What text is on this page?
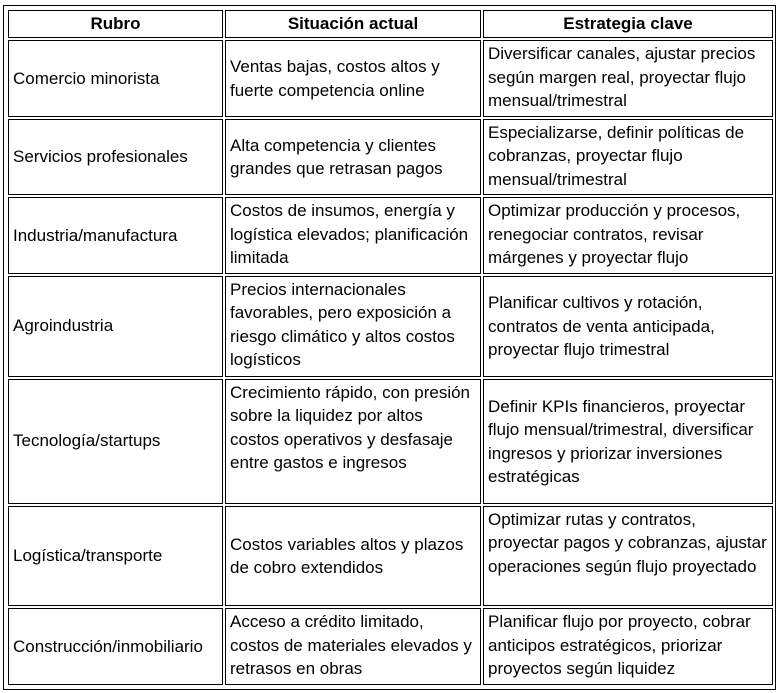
Rubro	Situación actual	Estrategia clave
Comercio minorista	Ventas bajas, costos altos y fuerte competencia online	Diversificar canales, ajustar precios según margen real, proyectar flujo mensual/trimestral
Servicios profesionales	Alta competencia y clientes grandes que retrasan pagos	Especializarse, definir políticas de cobranzas, proyectar flujo mensual/trimestral
Industria/manufactura	Costos de insumos, energía y logística elevados; planificación limitada	Optimizar producción y procesos, renegociar contratos, revisar márgenes y proyectar flujo
Agroindustria	Precios internacionales favorables, pero exposición a riesgo climático y altos costos logísticos	Planificar cultivos y rotación, contratos de venta anticipada, proyectar flujo trimestral
Tecnología/startups	Crecimiento rápido, con presión sobre la liquidez por altos costos operativos y desfasaje entre gastos e ingresos	Definir KPIs financieros, proyectar flujo mensual/trimestral, diversificar ingresos y priorizar inversiones estratégicas
Logística/transporte	Costos variables altos y plazos de cobro extendidos	Optimizar rutas y contratos, proyectar pagos y cobranzas, ajustar operaciones según flujo proyectado
Construcción/inmobiliario	Acceso a crédito limitado, costos de materiales elevados y retrasos en obras	Planificar flujo por proyecto, cobrar anticipos estratégicos, priorizar proyectos según liquidez
